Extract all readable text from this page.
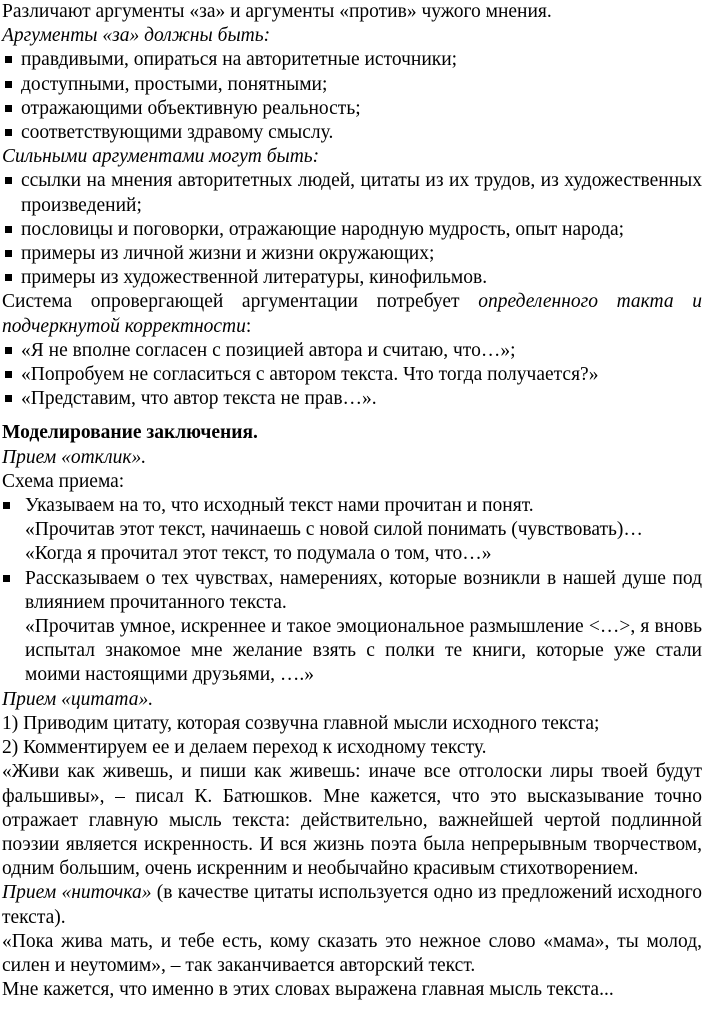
Различают аргументы «за» и аргументы «против» чужого мнения.

Аргументы «за» должны быть:

правдивыми, опираться на авторитетные источники;
доступными, простыми, понятными;
отражающими объективную реальность;
соответствующими здравому смыслу.

Сильными аргументами могут быть:

ссылки на мнения авторитетных людей, цитаты из их трудов, из художественных произведений;
пословицы и поговорки, отражающие народную мудрость, опыт народа;
примеры из личной жизни и жизни окружающих;
примеры из художественной литературы, кинофильмов.

Система опровергающей аргументации потребует определенного такта и подчеркнутой корректности:

«Я не вполне согласен с позицией автора и считаю, что…»;
«Попробуем не согласиться с автором текста. Что тогда получается?»
«Представим, что автор текста не прав…».

Моделирование заключения.

Прием «отклик».

Схема приема:

Указываем на то, что исходный текст нами прочитан и понят.
«Прочитав этот текст, начинаешь с новой силой понимать (чувствовать)…
«Когда я прочитал этот текст, то подумала о том, что…»
Рассказываем о тех чувствах, намерениях, которые возникли в нашей душе под влиянием прочитанного текста.
«Прочитав умное, искреннее и такое эмоциональное размышление <…>, я вновь испытал знакомое мне желание взять с полки те книги, которые уже стали моими настоящими друзьями, ….»

Прием «цитата».

1) Приводим цитату, которая созвучна главной мысли исходного текста;

2) Комментируем ее и делаем переход к исходному тексту.

«Живи как живешь, и пиши как живешь: иначе все отголоски лиры твоей будут фальшивы», – писал К. Батюшков. Мне кажется, что это высказывание точно отражает главную мысль текста: действительно, важнейшей чертой подлинной поэзии является искренность. И вся жизнь поэта была непрерывным творчеством, одним большим, очень искренним и необычайно красивым стихотворением.

Прием «ниточка» (в качестве цитаты используется одно из предложений исходного текста).

«Пока жива мать, и тебе есть, кому сказать это нежное слово «мама», ты молод, силен и неутомим», – так заканчивается авторский текст.

Мне кажется, что именно в этих словах выражена главная мысль текста...
